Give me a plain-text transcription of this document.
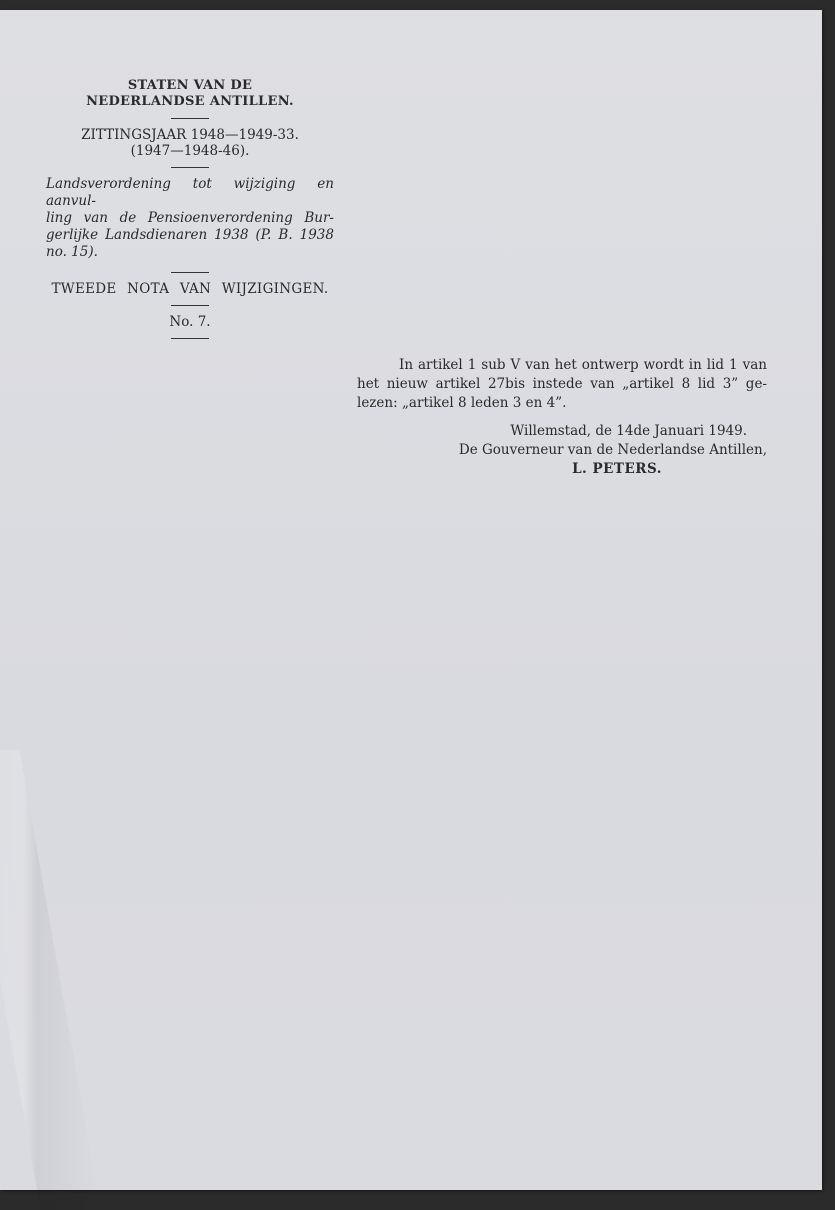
STATEN VAN DE
NEDERLANDSE ANTILLEN.
ZITTINGSJAAR 1948—1949-33.
(1947—1948-46).
Landsverordening tot wijziging en aanvul-
ling van de Pensioenverordening Bur-
gerlijke Landsdienaren 1938 (P. B. 1938
no. 15).
TWEEDE NOTA VAN WIJZIGINGEN.
No. 7.
In artikel 1 sub V van het ontwerp wordt in lid 1 van
het nieuw artikel 27bis instede van „artikel 8 lid 3” ge-
lezen: „artikel 8 leden 3 en 4”.
Willemstad, de 14de Januari 1949.
De Gouverneur van de Nederlandse Antillen,
L. PETERS.
